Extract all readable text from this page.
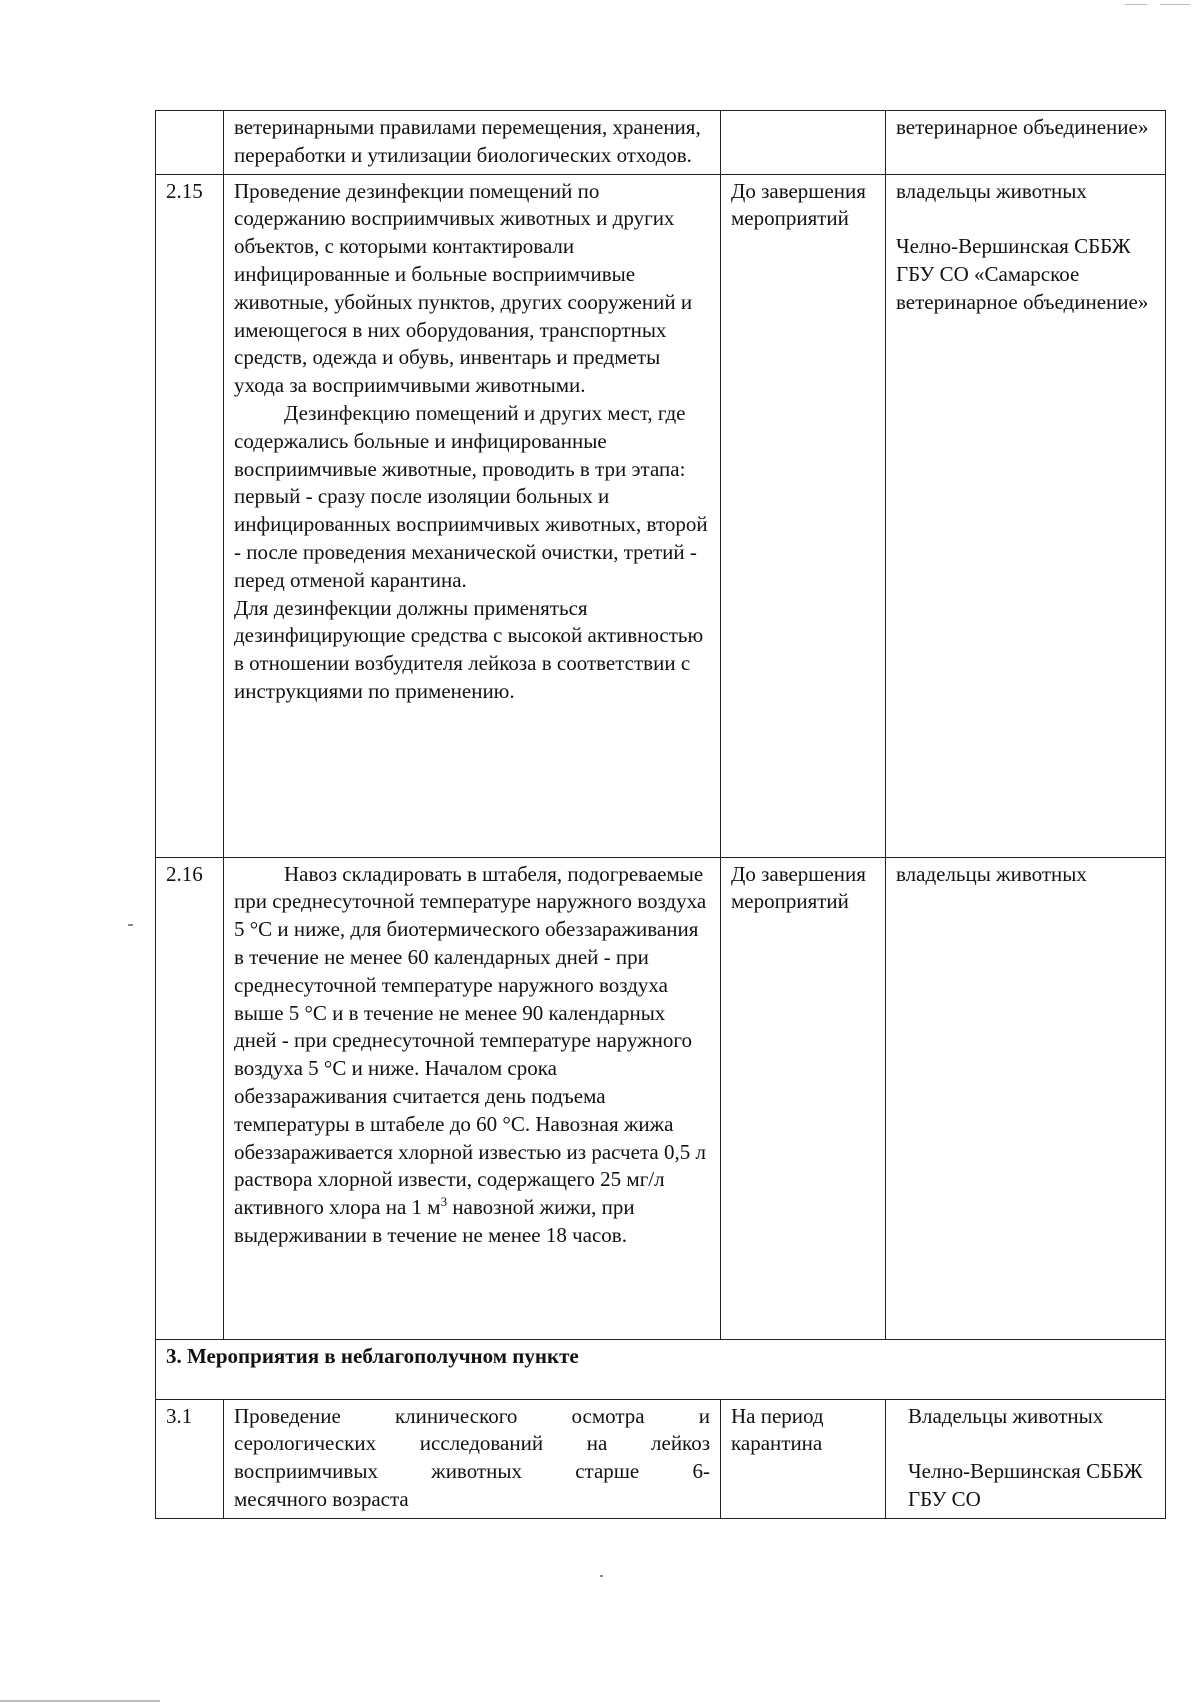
	ветеринарными правилами перемещения, хранения, переработки и утилизации биологических отходов.		ветеринарное объединение»

2.15	Проведение дезинфекции помещений по содержанию восприимчивых животных и других объектов, с которыми контактировали инфицированные и больные восприимчивые животные, убойных пунктов, других сооружений и имеющегося в них оборудования, транспортных средств, одежда и обувь, инвентарь и предметы ухода за восприимчивыми животными.
Дезинфекцию помещений и других мест, где содержались больные и инфицированные восприимчивые животные, проводить в три этапа: первый - сразу после изоляции больных и инфицированных восприимчивых животных, второй - после проведения механической очистки, третий - перед отменой карантина.
Для дезинфекции должны применяться дезинфицирующие средства с высокой активностью в отношении возбудителя лейкоза в соответствии с инструкциями по применению.	До завершения мероприятий	владельцы животных
Челно-Вершинская СББЖ ГБУ СО «Самарское ветеринарное объединение»

2.16	Навоз складировать в штабеля, подогреваемые при среднесуточной температуре наружного воздуха 5 °С и ниже, для биотермического обеззараживания в течение не менее 60 календарных дней - при среднесуточной температуре наружного воздуха выше 5 °С и в течение не менее 90 календарных дней - при среднесуточной температуре наружного воздуха 5 °С и ниже. Началом срока обеззараживания считается день подъема температуры в штабеле до 60 °С. Навозная жижа обеззараживается хлорной известью из расчета 0,5 л раствора хлорной извести, содержащего 25 мг/л активного хлора на 1 $м^3$ навозной жижи, при выдерживании в течение не менее 18 часов.	До завершения мероприятий	владельцы животных

3. Мероприятия в неблагополучном пункте			
3.1	Проведение клинического осмотра и
серологических исследований на лейкоз
восприимчивых животных старше 6-
месячного возраста	На период карантина	Владельцы животных
Челно-Вершинская СББЖ ГБУ СО
